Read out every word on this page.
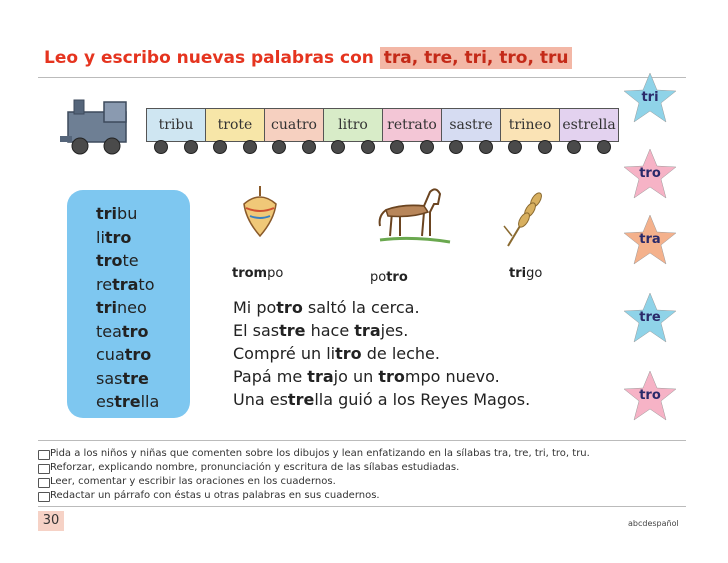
Leo y escribo nuevas palabras con tra, tre, tri, tro, tru
tribu	trote	cuatro	litro	retrato sastre	trineo estrella
tri
tro
tra
tre
tro
tribu
litro
trote
retrato
trineo
teatro
cuatro
sastre
estrella
trompo	potro	trigo
Mi potro saltó la cerca.
El sastre hace trajes.
Compré un litro de leche.
Papá me trajo un trompo nuevo.
Una estrella guió a los Reyes Magos.
Pida a los niños y niñas que comenten sobre los dibujos y lean enfatizando en la sílabas tra, tre, tri, tro, tru.
Reforzar, explicando nombre, pronunciación y escritura de las sílabas estudiadas.
Leer, comentar y escribir las oraciones en los cuadernos.
Redactar un párrafo con éstas u otras palabras en sus cuadernos.
30	abcdespañol
